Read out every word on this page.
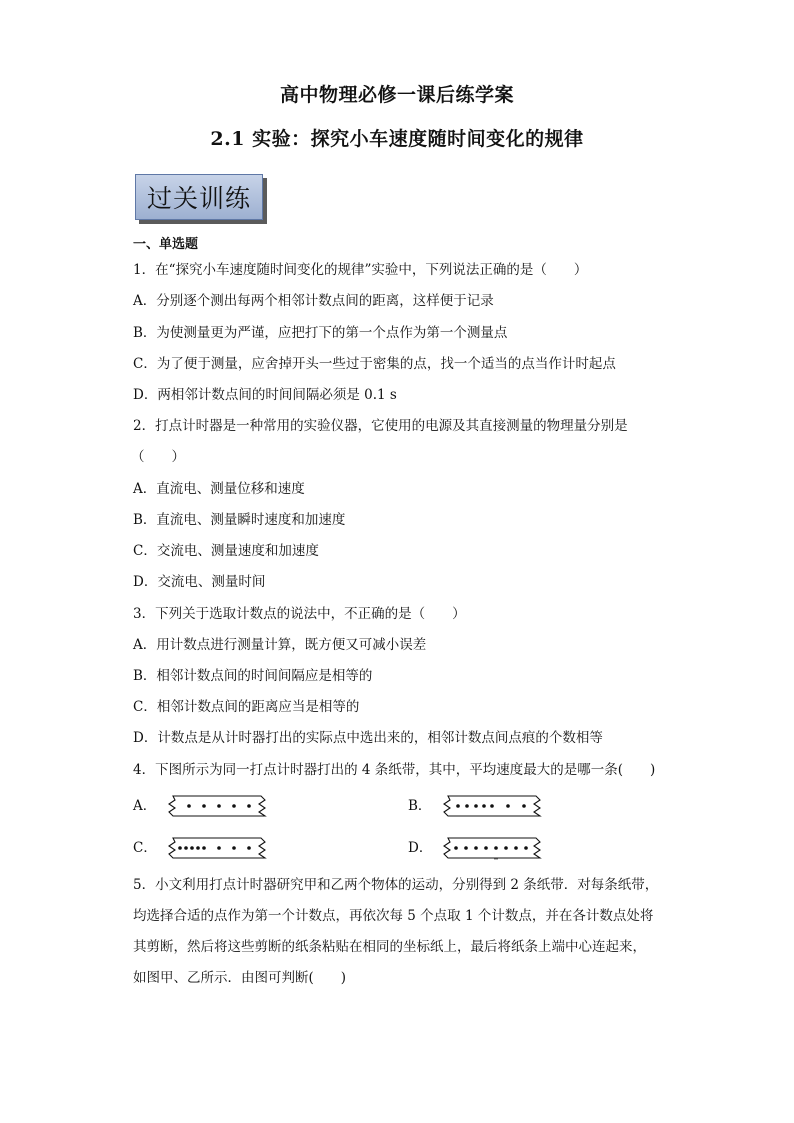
高中物理必修一课后练学案
2.1 实验：探究小车速度随时间变化的规律
过关训练
一、单选题
1．在“探究小车速度随时间变化的规律”实验中，下列说法正确的是（　　）
A．分别逐个测出每两个相邻计数点间的距离，这样便于记录
B．为使测量更为严谨，应把打下的第一个点作为第一个测量点
C．为了便于测量，应舍掉开头一些过于密集的点，找一个适当的点当作计时起点
D．两相邻计数点间的时间间隔必须是 0.1 s
2．打点计时器是一种常用的实验仪器，它使用的电源及其直接测量的物理量分别是
（　　）
A．直流电、测量位移和速度
B．直流电、测量瞬时速度和加速度
C．交流电、测量速度和加速度
D．交流电、测量时间
3．下列关于选取计数点的说法中，不正确的是（　　）
A．用计数点进行测量计算，既方便又可减小误差
B．相邻计数点间的时间间隔应是相等的
C．相邻计数点间的距离应当是相等的
D．计数点是从计时器打出的实际点中选出来的，相邻计数点间点痕的个数相等
4．下图所示为同一打点计时器打出的 4 条纸带，其中，平均速度最大的是哪一条(　　)
A．	B．
C．	D．
5．小文利用打点计时器研究甲和乙两个物体的运动，分别得到 2 条纸带．对每条纸带，
均选择合适的点作为第一个计数点，再依次每 5 个点取 1 个计数点，并在各计数点处将
其剪断，然后将这些剪断的纸条粘贴在相同的坐标纸上，最后将纸条上端中心连起来，
如图甲、乙所示．由图可判断(　　)
